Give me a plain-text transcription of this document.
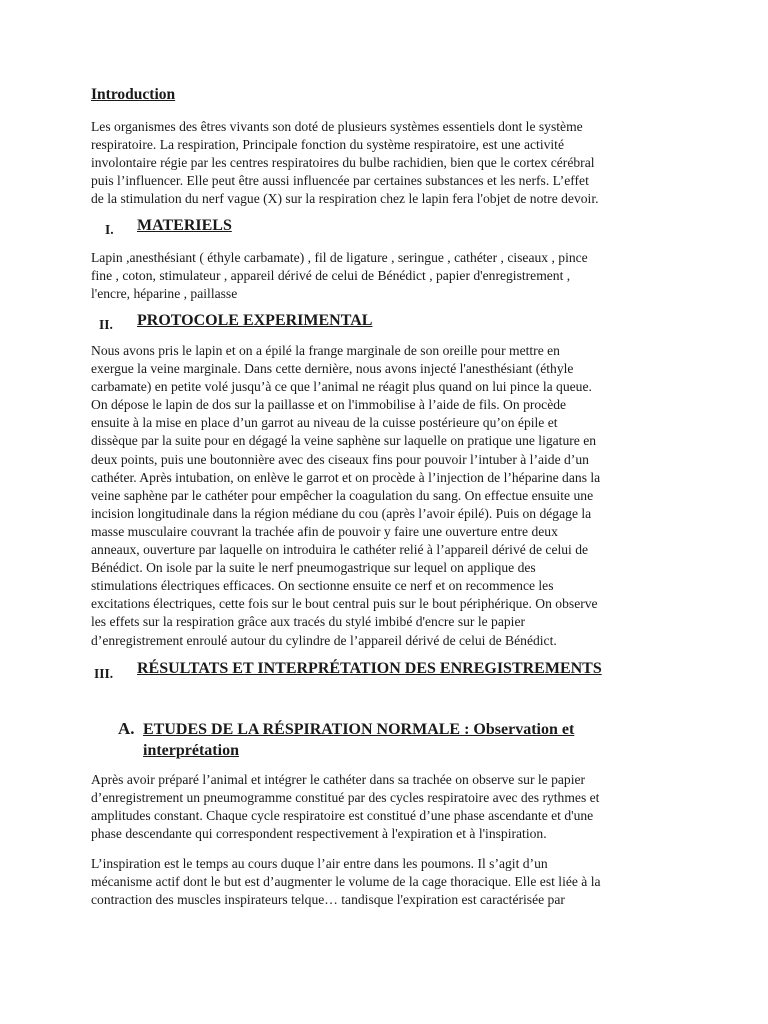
Introduction

Les organismes des êtres vivants son doté de plusieurs systèmes essentiels dont le système

respiratoire. La respiration, Principale fonction du système respiratoire, est une activité

involontaire régie par les centres respiratoires du bulbe rachidien, bien que le cortex cérébral

puis l’influencer. Elle peut être aussi influencée par certaines substances et les nerfs. L’effet

de la stimulation du nerf vague (X) sur la respiration chez le lapin fera l'objet de notre devoir.

I. MATERIELS

Lapin ,anesthésiant ( éthyle carbamate) , fil de ligature , seringue , cathéter , ciseaux , pince

fine , coton, stimulateur , appareil dérivé de celui de Bénédict , papier d'enregistrement ,

l'encre, héparine , paillasse

II. PROTOCOLE EXPERIMENTAL

Nous avons pris le lapin et on a épilé la frange marginale de son oreille pour mettre en

exergue la veine marginale. Dans cette dernière, nous avons injecté l'anesthésiant (éthyle

carbamate) en petite volé jusqu’à ce que l’animal ne réagit plus quand on lui pince la queue.

On dépose le lapin de dos sur la paillasse et on l'immobilise à l’aide de fils. On procède

ensuite à la mise en place d’un garrot au niveau de la cuisse postérieure qu’on épile et

dissèque par la suite pour en dégagé la veine saphène sur laquelle on pratique une ligature en

deux points, puis une boutonnière avec des ciseaux fins pour pouvoir l’intuber à l’aide d’un

cathéter. Après intubation, on enlève le garrot et on procède à l’injection de l’héparine dans la

veine saphène par le cathéter pour empêcher la coagulation du sang. On effectue ensuite une

incision longitudinale dans la région médiane du cou (après l’avoir épilé). Puis on dégage la

masse musculaire couvrant la trachée afin de pouvoir y faire une ouverture entre deux

anneaux, ouverture par laquelle on introduira le cathéter relié à l’appareil dérivé de celui de

Bénédict. On isole par la suite le nerf pneumogastrique sur lequel on applique des

stimulations électriques efficaces. On sectionne ensuite ce nerf et on recommence les

excitations électriques, cette fois sur le bout central puis sur le bout périphérique. On observe

les effets sur la respiration grâce aux tracés du stylé imbibé d'encre sur le papier

d’enregistrement enroulé autour du cylindre de l’appareil dérivé de celui de Bénédict.

III. RÉSULTATS ET INTERPRÉTATION DES ENREGISTREMENTS
A. ETUDES DE LA RÉSPIRATION NORMALE : Observation et
interprétation

Après avoir préparé l’animal et intégrer le cathéter dans sa trachée on observe sur le papier

d’enregistrement un pneumogramme constitué par des cycles respiratoire avec des rythmes et

amplitudes constant. Chaque cycle respiratoire est constitué d’une phase ascendante et d'une

phase descendante qui correspondent respectivement à l'expiration et à l'inspiration.

L’inspiration est le temps au cours duque l’air entre dans les poumons. Il s’agit d’un

mécanisme actif dont le but est d’augmenter le volume de la cage thoracique. Elle est liée à la

contraction des muscles inspirateurs telque… tandisque l'expiration est caractérisée par
